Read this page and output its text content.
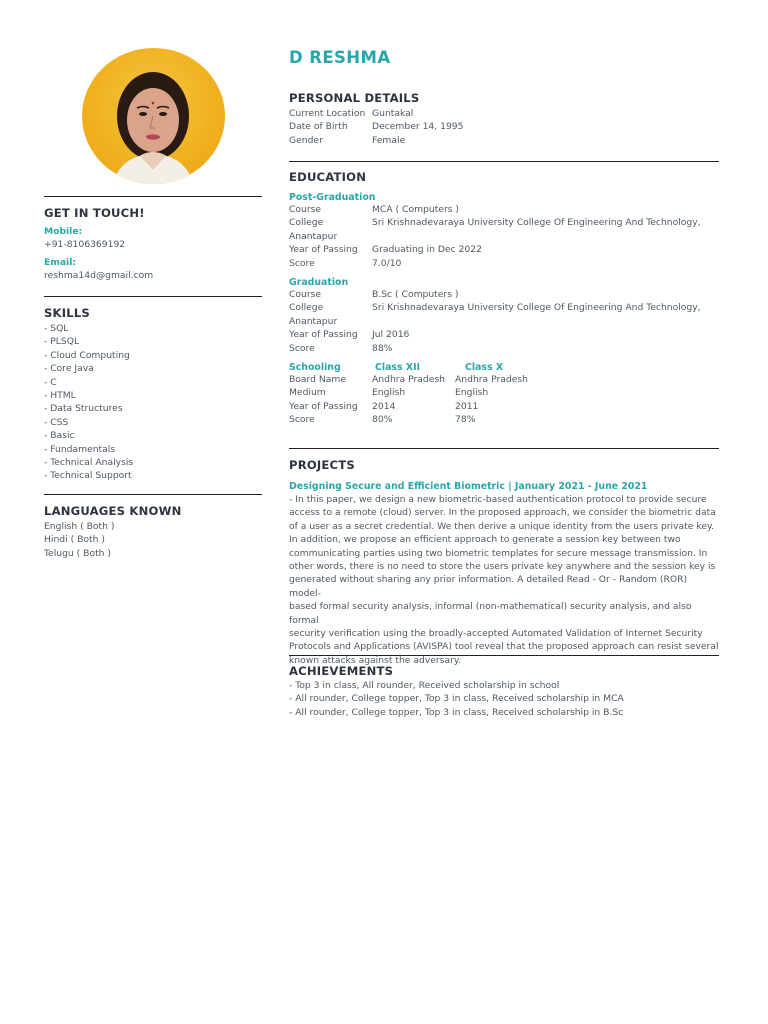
GET IN TOUCH!
Mobile:
+91-8106369192
Email:
reshma14d@gmail.com
SKILLS
- SQL
- PLSQL
- Cloud Computing
- Core Java
- C
- HTML
- Data Structures
- CSS
- Basic
- Fundamentals
- Technical Analysis
- Technical Support
LANGUAGES KNOWN
English ( Both )
Hindi ( Both )
Telugu ( Both )
D RESHMA
PERSONAL DETAILS
Current Location Guntakal
Date of Birth	December 14, 1995
Gender	Female
EDUCATION
Post-Graduation
Course	MCA ( Computers )
College	Sri Krishnadevaraya University College Of Engineering And Technology,
Anantapur
Year of Passing	Graduating in Dec 2022
Score	7.0/10
Graduation
Course	B.Sc ( Computers )
College	Sri Krishnadevaraya University College Of Engineering And Technology,
Anantapur
Year of Passing	Jul 2016
Score	88%
Schooling	Class XII	Class X
Board Name	Andhra Pradesh	Andhra Pradesh
Medium	English	English
Year of Passing	2014	2011
Score	80%	78%
PROJECTS
Designing Secure and Efficient Biometric | January 2021 - June 2021
- In this paper, we design a new biometric-based authentication protocol to provide secure
access to a remote (cloud) server. In the proposed approach, we consider the biometric data
of a user as a secret credential. We then derive a unique identity from the users private key.
In addition, we propose an efficient approach to generate a session key between two
communicating parties using two biometric templates for secure message transmission. In
other words, there is no need to store the users private key anywhere and the session key is
generated without sharing any prior information. A detailed Read - Or - Random (ROR) model-
based formal security analysis, informal (non-mathematical) security analysis, and also formal
security verification using the broadly-accepted Automated Validation of Internet Security
Protocols and Applications (AVISPA) tool reveal that the proposed approach can resist several
known attacks against the adversary.
ACHIEVEMENTS
- Top 3 in class, All rounder, Received scholarship in school
- All rounder, College topper, Top 3 in class, Received scholarship in MCA
- All rounder, College topper, Top 3 in class, Received scholarship in B.Sc
